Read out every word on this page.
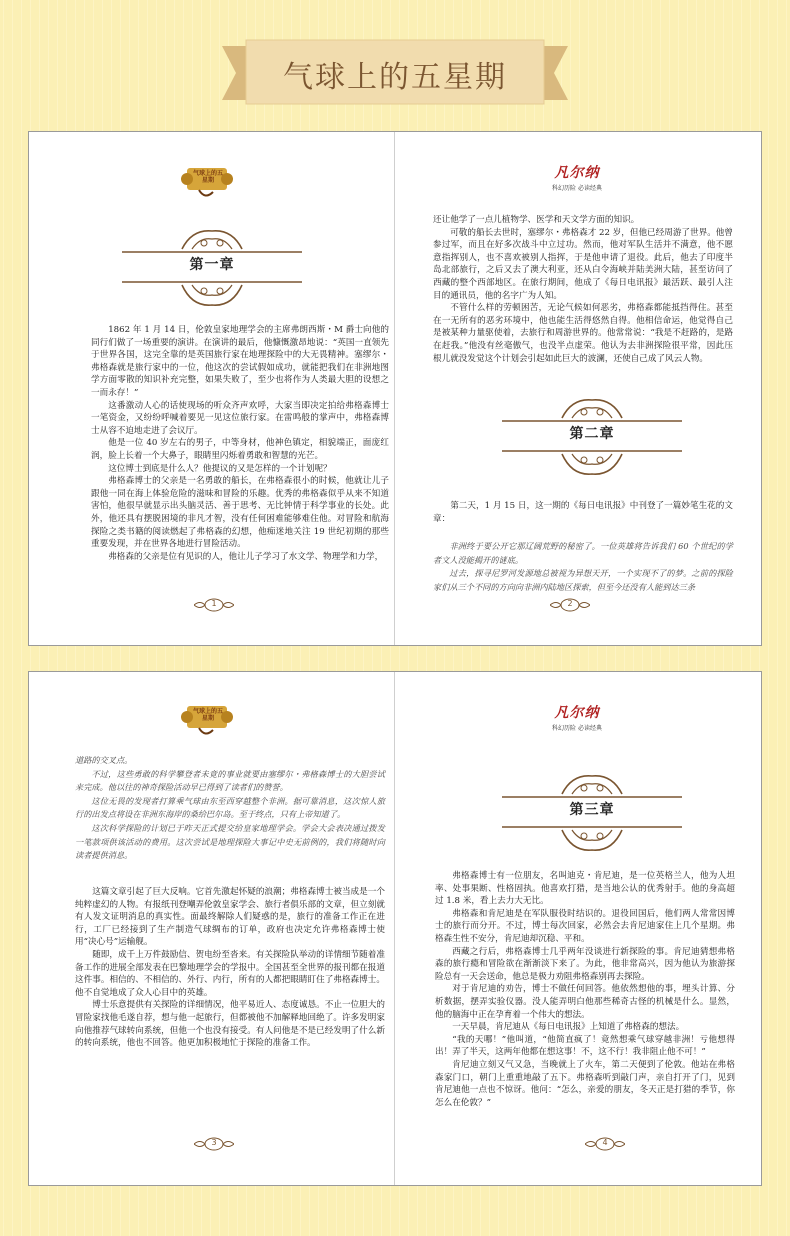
气球上的五星期
气球上的五星期
第一章

1862 年 1 月 14 日，伦敦皇家地理学会的主席弗朗西斯・M 爵士向他的同行们做了一场重要的演讲。在演讲的最后，他慷慨激昂地说：“英国一直领先于世界各国，这完全靠的是英国旅行家在地理探险中的大无畏精神。塞缪尔・弗格森就是旅行家中的一位，他这次的尝试假如成功，就能把我们在非洲地图学方面零散的知识补充完整，如果失败了，至少也将作为人类最大胆的设想之一而永存！”

这番激动人心的话使现场的听众齐声欢呼，大家当即决定拍给弗格森博士一笔资金，又纷纷呼喊着要见一见这位旅行家。在雷鸣般的掌声中，弗格森博士从容不迫地走进了会议厅。

他是一位 40 岁左右的男子，中等身材，他神色镇定，相貌端正，面庞红润，脸上长着一个大鼻子，眼睛里闪烁着勇敢和智慧的光芒。

这位博士到底是什么人？他提议的又是怎样的一个计划呢？

弗格森博士的父亲是一名勇敢的船长，在弗格森很小的时候，他就让儿子跟他一同在海上体验危险的滋味和冒险的乐趣。优秀的弗格森似乎从来不知道害怕，他很早就显示出头脑灵活、善于思考、无比钟情于科学事业的长处。此外，他还具有摆脱困境的非凡才智，没有任何困难能够难住他。对冒险和航海探险之类书籍的阅读燃起了弗格森的幻想，他痴迷地关注 19 世纪初期的那些重要发现，并在世界各地进行冒险活动。

弗格森的父亲是位有见识的人，他让儿子学习了水文学、物理学和力学，

1
凡尔纳
科幻历险 必读经典

还让他学了一点儿植物学、医学和天文学方面的知识。

可敬的船长去世时，塞缪尔・弗格森才 22 岁，但他已经周游了世界。他曾参过军，而且在好多次战斗中立过功。然而，他对军队生活并不满意，他不愿意指挥别人，也不喜欢被别人指挥，于是他申请了退役。此后，他去了印度半岛北部旅行，之后又去了澳大利亚，还从白令海峡并陆美洲大陆，甚至访问了西藏的整个西部地区。在旅行期间，他成了《每日电讯报》最活跃、最引人注目的通讯员，他的名字广为人知。

不管什么样的劳顿困苦，无论气候如何恶劣，弗格森都能抵挡得住。甚至在一无所有的恶劣环境中，他也能生活得悠然自得。他相信命运，他觉得自己是被某种力量驱使着，去旅行和周游世界的。他常常说：“我是不赶路的，是路在赶我。”他没有丝毫傲气，也没半点虚荣。他认为去非洲探险很平常，因此压根儿就没发觉这个计划会引起如此巨大的波澜，还使自己成了风云人物。

第二章

第二天，1 月 15 日，这一期的《每日电讯报》中刊登了一篇妙笔生花的文章：

非洲终于要公开它那辽阔荒野的秘密了。一位英雄将告诉我们 60 个世纪的学者文人没能揭开的谜底。

过去，探寻尼罗河发源地总被视为异想天开，一个实现不了的梦。之前的探险家们从三个不同的方向向非洲内陆地区探索，但至今还没有人能到达三条

2
气球上的五星期

道路的交叉点。

不过，这些勇敢的科学攀登者未竟的事业就要由塞缪尔・弗格森博士的大胆尝试来完成。他以往的神奇探险活动早已得到了读者们的赞誉。

这位无畏的发现者打算乘气球由东至西穿越整个非洲。据可靠消息，这次惊人旅行的出发点将设在非洲东海岸的桑给巴尔岛。至于终点，只有上帝知道了。

这次科学探险的计划已于昨天正式提交给皇家地理学会。学会大会表决通过拨发一笔款项供该活动的费用。这次尝试是地理探险大事记中史无前例的，我们将随时向读者提供消息。

这篇文章引起了巨大反响。它首先激起怀疑的浪潮；弗格森博士被当成是一个纯粹虚幻的人物。有报纸刊登嘲弄伦敦皇家学会、旅行者俱乐部的文章，但立刻就有人发文证明消息的真实性。面最终解除人们疑惑的是，旅行的准备工作正在进行，工厂已经接到了生产制造气球绸布的订单，政府也决定允许弗格森博士使用“决心号”运输舰。

随即，成千上万件鼓励信、贺电纷至沓来。有关探险队举动的详情细节随着准备工作的进展全部发表在巴黎地理学会的学报中。全国甚至全世界的报刊都在报道这件事。相信的、不相信的、外行、内行，所有的人都把眼睛盯住了弗格森博士。他不自觉地成了众人心目中的英雄。

博士乐意提供有关探险的详细情况，他平易近人、态度诚恳。不止一位胆大的冒险家找他毛遂自荐，想与他一起旅行，但都被他不加解释地回绝了。许多发明家向他推荐气球转向系统，但他一个也没有接受。有人问他是不是已经发明了什么新的转向系统，他也不回答。他更加积极地忙于探险的准备工作。

3
凡尔纳
科幻历险 必读经典
第三章

弗格森博士有一位朋友，名叫迪克・肯尼迪，是一位英格兰人，他为人坦率、处事果断、性格固执。他喜欢打猎，是当地公认的优秀射手。他的身高超过 1.8 米，看上去力大无比。

弗格森和肯尼迪是在军队服役时结识的。退役回国后，他们两人常常因博士的旅行而分开。不过，博士每次回家，必然会去肯尼迪家住上几个星期。弗格森生性不安分，肯尼迪却沉稳、平和。

西藏之行后，弗格森博士几乎两年没谈进行新探险的事。肯尼迪猜想弗格森的旅行瘾和冒险欲在渐渐淡下来了。为此，他非常高兴，因为他认为旅游探险总有一天会送命，他总是极力劝阻弗格森别再去探险。

对于肯尼迪的劝告，博士不做任何回答。他依然想他的事，埋头计算、分析数据，摆弄实验仪器。没人能弄明白他那些稀奇古怪的机械是什么。显然，他的脑海中正在孕育着一个伟大的想法。

一天早晨，肯尼迪从《每日电讯报》上知道了弗格森的想法。

“我的天哪！”他叫道，“他简直疯了！竟然想乘气球穿越非洲！亏他想得出！弄了半天，这两年他都在想这事！不，这不行！我非阻止他不可！”

肯尼迪立刻又气又急，当晚就上了火车，第二天便到了伦敦。他站在弗格森家门口，朝门上重重地敲了五下。弗格森听到敲门声，亲自打开了门，见到肯尼迪他一点也不惊讶。他问：“怎么，亲爱的朋友，冬天正是打猎的季节，你怎么在伦敦？”

4
